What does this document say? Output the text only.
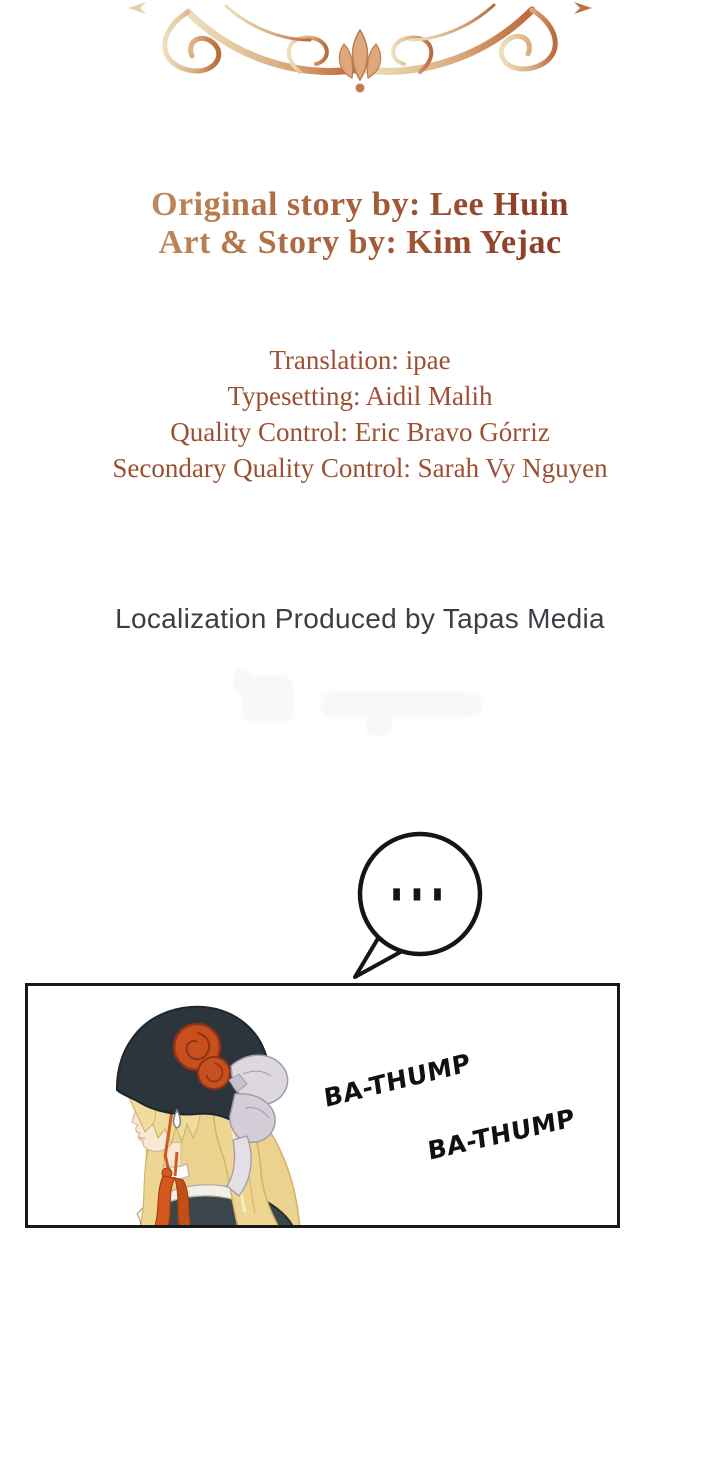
Original story by: Lee Huin
Art & Story by: Kim Yejac
Translation: ipae
Typesetting: Aidil Malih
Quality Control: Eric Bravo Górriz
Secondary Quality Control: Sarah Vy Nguyen
Localization Produced by Tapas Media
...
BA-THUMP
BA-THUMP
